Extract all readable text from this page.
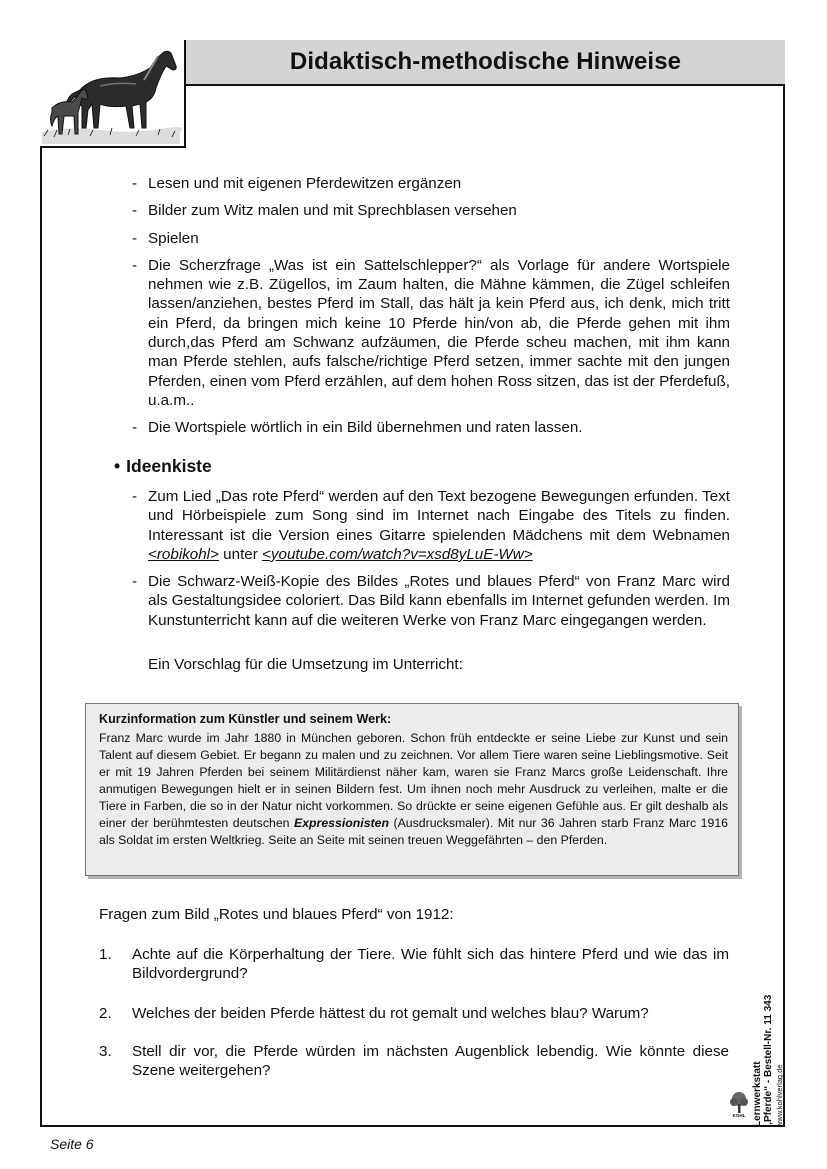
Didaktisch-methodische Hinweise
- Lesen und mit eigenen Pferdewitzen ergänzen
- Bilder zum Witz malen und mit Sprechblasen versehen
- Spielen
- Die Scherzfrage „Was ist ein Sattelschlepper?“ als Vorlage für andere Wortspiele nehmen wie z.B. Zügellos, im Zaum halten, die Mähne kämmen, die Zügel schleifen lassen/anziehen, bestes Pferd im Stall, das hält ja kein Pferd aus, ich denk, mich tritt ein Pferd, da bringen mich keine 10 Pferde hin/von ab, die Pferde gehen mit ihm durch,das Pferd am Schwanz aufzäumen, die Pferde scheu machen, mit ihm kann man Pferde stehlen, aufs falsche/richtige Pferd setzen, immer sachte mit den jungen Pferden, einen vom Pferd erzählen, auf dem hohen Ross sitzen, das ist der Pferdefuß, u.a.m..
- Die Wortspiele wörtlich in ein Bild übernehmen und raten lassen.
• Ideenkiste
- Zum Lied „Das rote Pferd“ werden auf den Text bezogene Bewegungen erfunden. Text und Hörbeispiele zum Song sind im Internet nach Eingabe des Titels zu finden. Interessant ist die Version eines Gitarre spielenden Mädchens mit dem Webnamen <robikohl> unter <youtube.com/watch?v=xsd8yLuE-Ww>
- Die Schwarz-Weiß-Kopie des Bildes „Rotes und blaues Pferd“ von Franz Marc wird als Gestaltungsidee coloriert. Das Bild kann ebenfalls im Internet gefunden werden. Im Kunstunterricht kann auf die weiteren Werke von Franz Marc eingegangen werden.
Ein Vorschlag für die Umsetzung im Unterricht:
Kurzinformation zum Künstler und seinem Werk:
Franz Marc wurde im Jahr 1880 in München geboren. Schon früh entdeckte er seine Liebe zur Kunst und sein Talent auf diesem Gebiet. Er begann zu malen und zu zeichnen. Vor allem Tiere waren seine Lieblingsmotive. Seit er mit 19 Jahren Pferden bei seinem Militärdienst näher kam, waren sie Franz Marcs große Leidenschaft. Ihre anmutigen Bewegungen hielt er in seinen Bildern fest. Um ihnen noch mehr Ausdruck zu verleihen, malte er die Tiere in Farben, die so in der Natur nicht vorkommen. So drückte er seine eigenen Gefühle aus. Er gilt deshalb als einer der berühmtesten deutschen Expressionisten (Ausdrucksmaler). Mit nur 36 Jahren starb Franz Marc 1916 als Soldat im ersten Weltkrieg. Seite an Seite mit seinen treuen Weggefährten – den Pferden.
Fragen zum Bild „Rotes und blaues Pferd“ von 1912:
1. Achte auf die Körperhaltung der Tiere. Wie fühlt sich das hintere Pferd und wie das im Bildvordergrund?
2. Welches der beiden Pferde hättest du rot gemalt und welches blau? Warum?
3. Stell dir vor, die Pferde würden im nächsten Augenblick lebendig. Wie könnte diese Szene weitergehen?	Lernwerkstatt „Pferde“ - Bestell-Nr. 11 343 www.kohlverlag.de
KOHL
Seite 6
